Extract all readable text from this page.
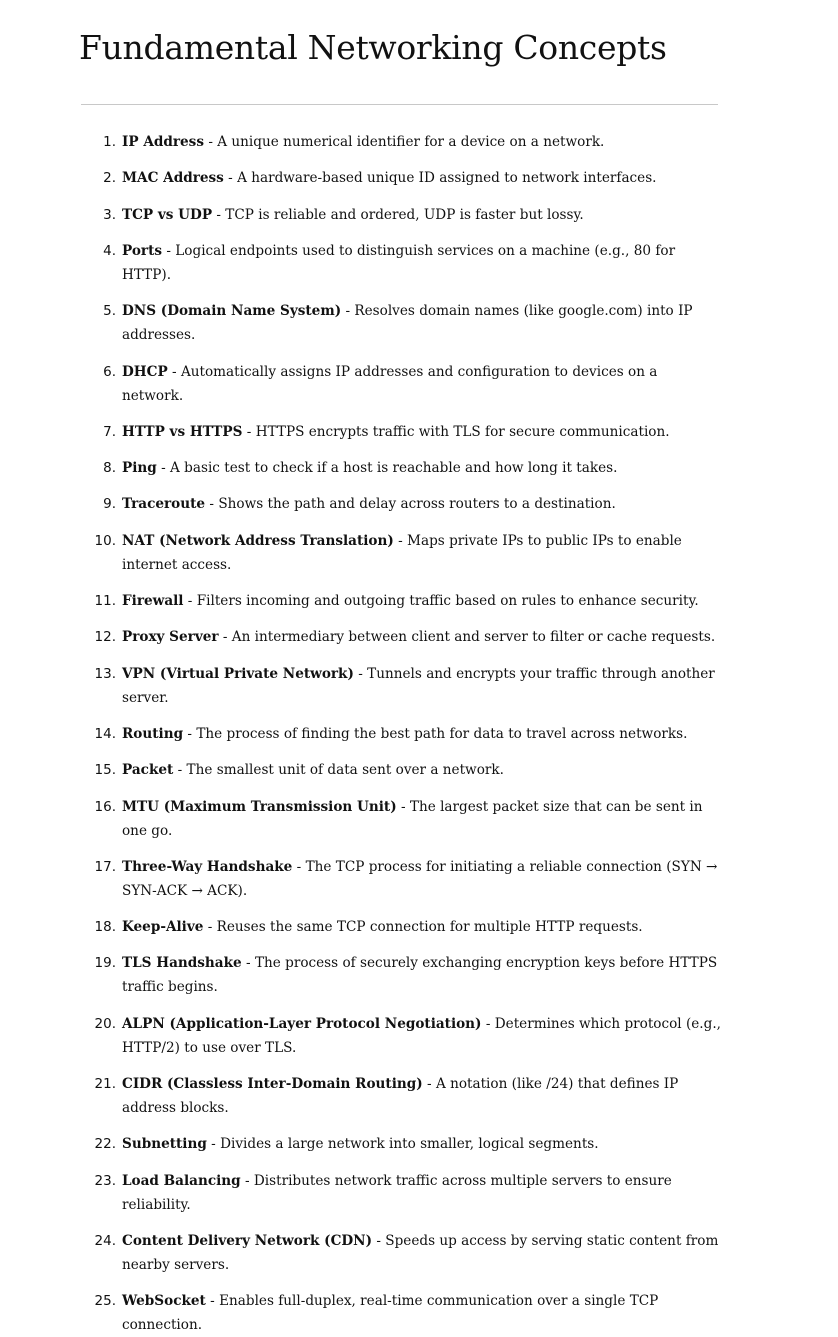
Fundamental Networking Concepts
1. IP Address - A unique numerical identifier for a device on a network.
2. MAC Address - A hardware-based unique ID assigned to network interfaces.
3. TCP vs UDP - TCP is reliable and ordered, UDP is faster but lossy.
4. Ports - Logical endpoints used to distinguish services on a machine (e.g., 80 for HTTP).
5. DNS (Domain Name System) - Resolves domain names (like google.com) into IP addresses.
6. DHCP - Automatically assigns IP addresses and configuration to devices on a network.
7. HTTP vs HTTPS - HTTPS encrypts traffic with TLS for secure communication.
8. Ping - A basic test to check if a host is reachable and how long it takes.
9. Traceroute - Shows the path and delay across routers to a destination.
10. NAT (Network Address Translation) - Maps private IPs to public IPs to enable internet access.
11. Firewall - Filters incoming and outgoing traffic based on rules to enhance security.
12. Proxy Server - An intermediary between client and server to filter or cache requests.
13. VPN (Virtual Private Network) - Tunnels and encrypts your traffic through another server.
14. Routing - The process of finding the best path for data to travel across networks.
15. Packet - The smallest unit of data sent over a network.
16. MTU (Maximum Transmission Unit) - The largest packet size that can be sent in one go.
17. Three-Way Handshake - The TCP process for initiating a reliable connection (SYN → SYN-ACK → ACK).
18. Keep-Alive - Reuses the same TCP connection for multiple HTTP requests.
19. TLS Handshake - The process of securely exchanging encryption keys before HTTPS traffic begins.
20. ALPN (Application-Layer Protocol Negotiation) - Determines which protocol (e.g., HTTP/2) to use over TLS.
21. CIDR (Classless Inter-Domain Routing) - A notation (like /24) that defines IP address blocks.
22. Subnetting - Divides a large network into smaller, logical segments.
23. Load Balancing - Distributes network traffic across multiple servers to ensure reliability.
24. Content Delivery Network (CDN) - Speeds up access by serving static content from nearby servers.
25. WebSocket - Enables full-duplex, real-time communication over a single TCP connection.
